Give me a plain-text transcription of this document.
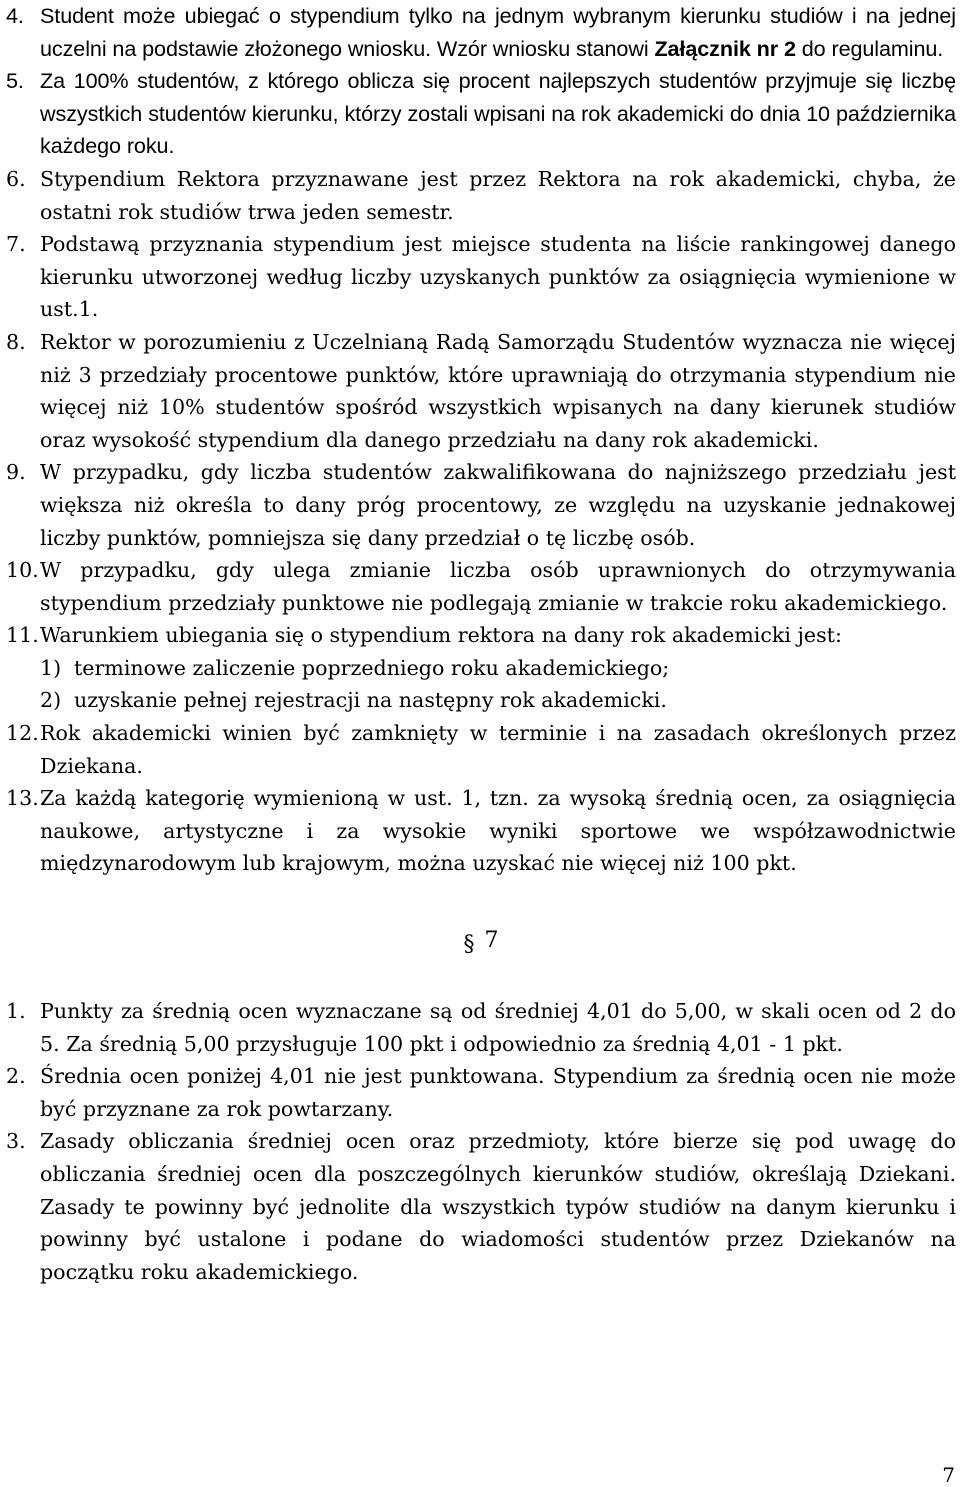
4. Student może ubiegać o stypendium tylko na jednym wybranym kierunku studiów i na jednej uczelni na podstawie złożonego wniosku. Wzór wniosku stanowi Załącznik nr 2 do regulaminu.
5. Za 100% studentów, z którego oblicza się procent najlepszych studentów przyjmuje się liczbę wszystkich studentów kierunku, którzy zostali wpisani na rok akademicki do dnia 10 października każdego roku.
6. Stypendium Rektora przyznawane jest przez Rektora na rok akademicki, chyba, że ostatni rok studiów trwa jeden semestr.
7. Podstawą przyznania stypendium jest miejsce studenta na liście rankingowej danego kierunku utworzonej według liczby uzyskanych punktów za osiągnięcia wymienione w ust.1.
8. Rektor w porozumieniu z Uczelnianą Radą Samorządu Studentów wyznacza nie więcej niż 3 przedziały procentowe punktów, które uprawniają do otrzymania stypendium nie więcej niż 10% studentów spośród wszystkich wpisanych na dany kierunek studiów oraz wysokość stypendium dla danego przedziału na dany rok akademicki.
9. W przypadku, gdy liczba studentów zakwalifikowana do najniższego przedziału jest większa niż określa to dany próg procentowy, ze względu na uzyskanie jednakowej liczby punktów, pomniejsza się dany przedział o tę liczbę osób.
10. W przypadku, gdy ulega zmianie liczba osób uprawnionych do otrzymywania stypendium przedziały punktowe nie podlegają zmianie w trakcie roku akademickiego.
11. Warunkiem ubiegania się o stypendium rektora na dany rok akademicki jest:
1) terminowe zaliczenie poprzedniego roku akademickiego;
2) uzyskanie pełnej rejestracji na następny rok akademicki.
12. Rok akademicki winien być zamknięty w terminie i na zasadach określonych przez Dziekana.
13. Za każdą kategorię wymienioną w ust. 1, tzn. za wysoką średnią ocen, za osiągnięcia naukowe, artystyczne i za wysokie wyniki sportowe we współzawodnictwie międzynarodowym lub krajowym, można uzyskać nie więcej niż 100 pkt.
§ 7
1. Punkty za średnią ocen wyznaczane są od średniej 4,01 do 5,00, w skali ocen od 2 do 5. Za średnią 5,00 przysługuje 100 pkt i odpowiednio za średnią 4,01 - 1 pkt.
2. Średnia ocen poniżej 4,01 nie jest punktowana. Stypendium za średnią ocen nie może być przyznane za rok powtarzany.
3. Zasady obliczania średniej ocen oraz przedmioty, które bierze się pod uwagę do obliczania średniej ocen dla poszczególnych kierunków studiów, określają Dziekani. Zasady te powinny być jednolite dla wszystkich typów studiów na danym kierunku i powinny być ustalone i podane do wiadomości studentów przez Dziekanów na początku roku akademickiego.
7
